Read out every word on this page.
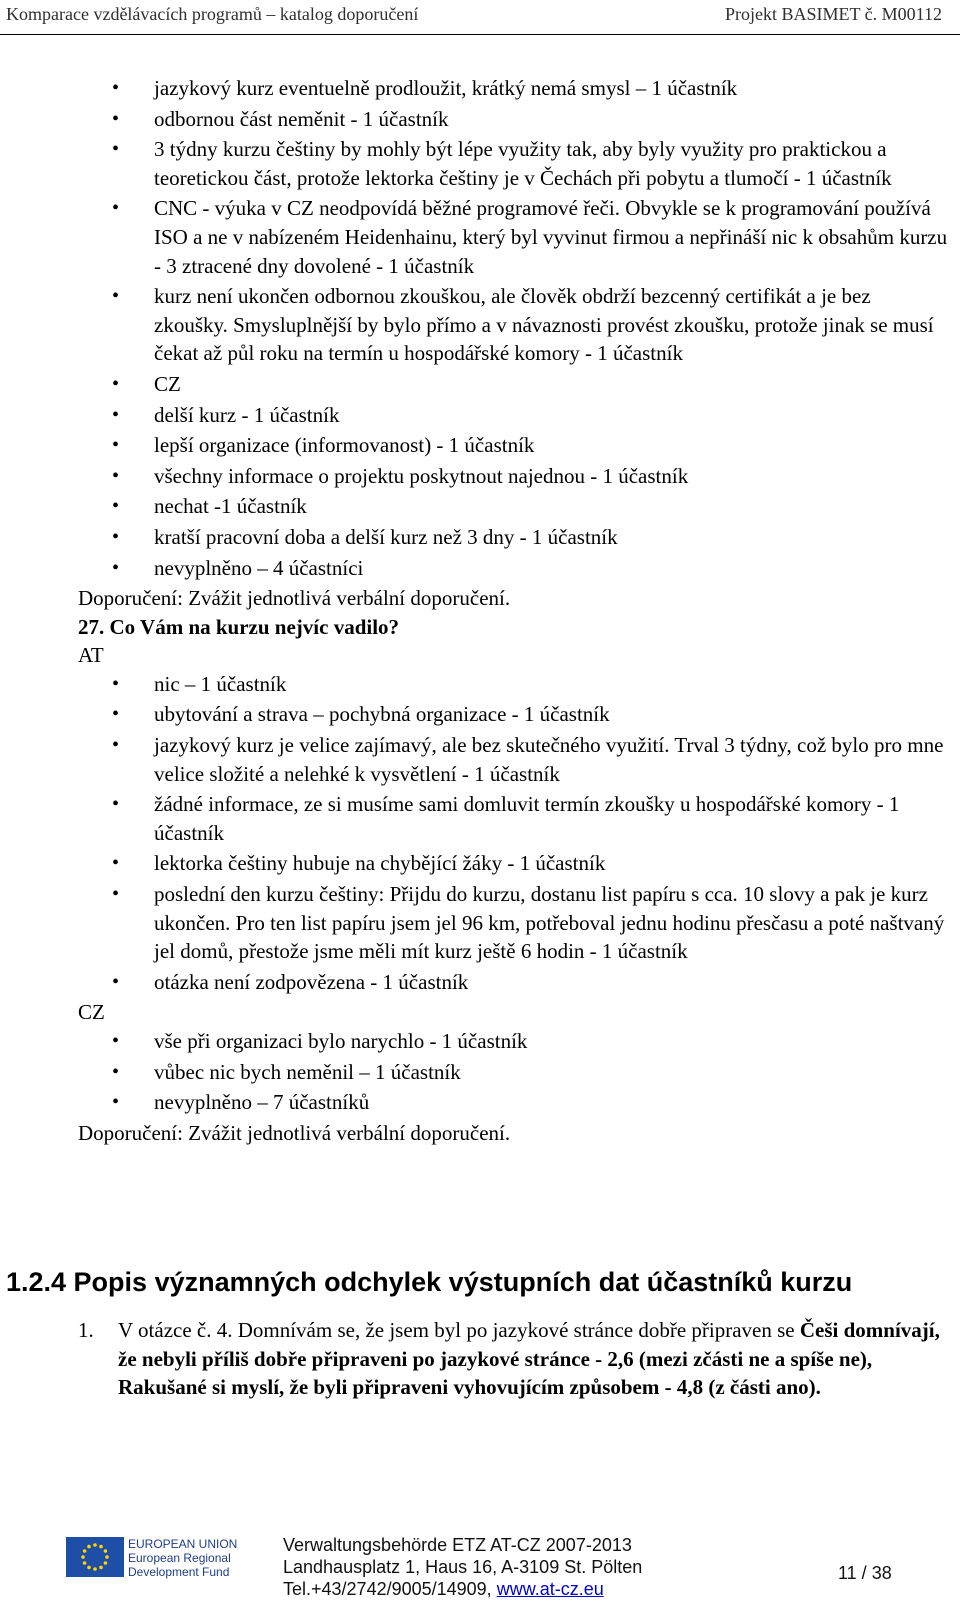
Komparace vzdělávacích programů – katalog doporučení	Projekt BASIMET č. M00112
• jazykový kurz eventuelně prodloužit, krátký nemá smysl – 1 účastník
• odbornou část neměnit - 1 účastník
• 3 týdny kurzu češtiny by mohly být lépe využity tak, aby byly využity pro praktickou a teoretickou část, protože lektorka češtiny je v Čechách při pobytu a tlumočí - 1 účastník
• CNC - výuka v CZ neodpovídá běžné programové řeči. Obvykle se k programování používá ISO a ne v nabízeném Heidenhainu, který byl vyvinut firmou a nepřináší nic k obsahům kurzu - 3 ztracené dny dovolené - 1 účastník
• kurz není ukončen odbornou zkouškou, ale člověk obdrží bezcenný certifikát a je bez zkoušky. Smysluplnější by bylo přímo a v návaznosti provést zkoušku, protože jinak se musí čekat až půl roku na termín u hospodářské komory - 1 účastník
• CZ
• delší kurz - 1 účastník
• lepší organizace (informovanost) - 1 účastník
• všechny informace o projektu poskytnout najednou - 1 účastník
• nechat -1 účastník
• kratší pracovní doba a delší kurz než 3 dny - 1 účastník
• nevyplněno – 4 účastníci

Doporučení: Zvážit jednotlivá verbální doporučení.

27. Co Vám na kurzu nejvíc vadilo?

AT

• nic – 1 účastník
• ubytování a strava – pochybná organizace - 1 účastník
• jazykový kurz je velice zajímavý, ale bez skutečného využití. Trval 3 týdny, což bylo pro mne velice složité a nelehké k vysvětlení - 1 účastník
• žádné informace, ze si musíme sami domluvit termín zkoušky u hospodářské komory - 1 účastník
• lektorka češtiny hubuje na chybějící žáky - 1 účastník
• poslední den kurzu češtiny: Přijdu do kurzu, dostanu list papíru s cca. 10 slovy a pak je kurz ukončen. Pro ten list papíru jsem jel 96 km, potřeboval jednu hodinu přesčasu a poté naštvaný jel domů, přestože jsme měli mít kurz ještě 6 hodin - 1 účastník
• otázka není zodpovězena - 1 účastník

CZ

• vše při organizaci bylo narychlo - 1 účastník
• vůbec nic bych neměnil – 1 účastník
• nevyplněno – 7 účastníků

Doporučení: Zvážit jednotlivá verbální doporučení.

1.2.4 Popis významných odchylek výstupních dat účastníků kurzu
1.	V otázce č. 4. Domnívám se, že jsem byl po jazykové stránce dobře připraven se Češi domnívají, že nebyli příliš dobře připraveni po jazykové stránce - 2,6 (mezi zčásti ne a spíše ne), Rakušané si myslí, že byli připraveni vyhovujícím způsobem - 4,8 (z části ano).
EUROPEAN UNION
European Regional
Development Fund
Verwaltungsbehörde ETZ AT-CZ 2007-2013
Landhausplatz 1, Haus 16, A-3109 St. Pölten
Tel.+43/2742/9005/14909, www.at-cz.eu
11 / 38
